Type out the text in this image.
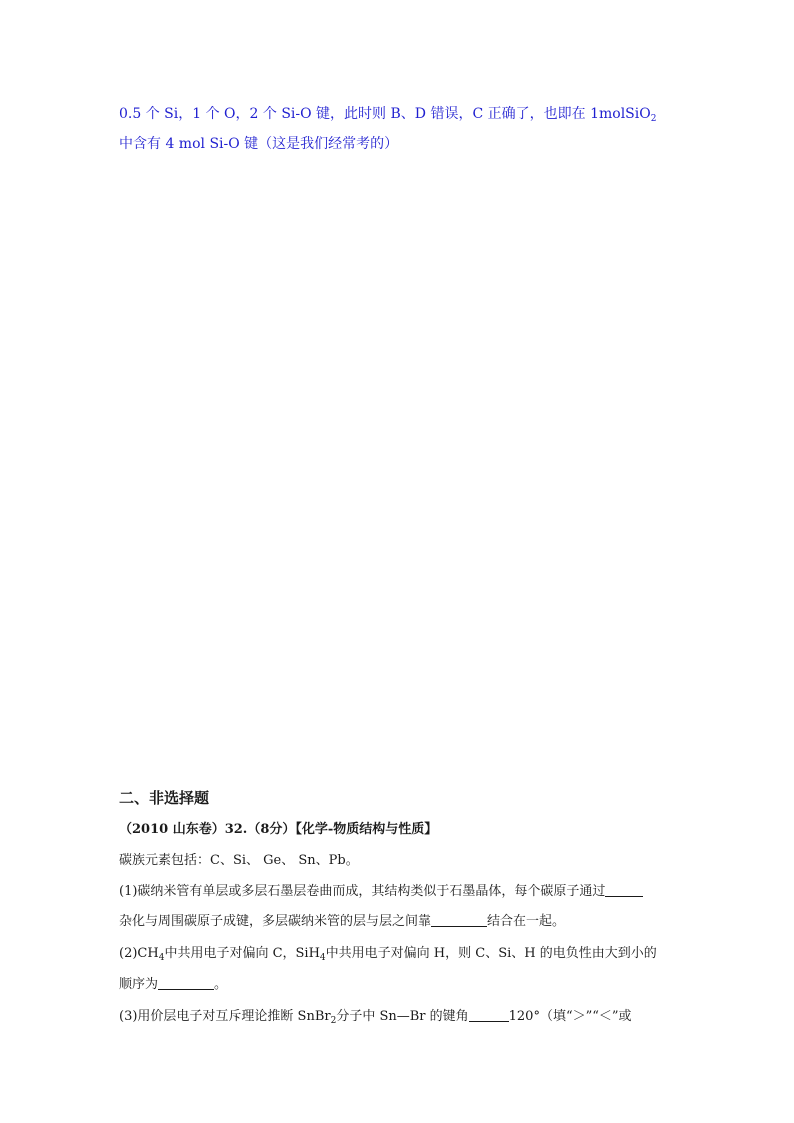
0.5 个 Si，1 个 O，2 个 Si-O 键，此时则 B、D 错误，C 正确了，也即在 1molSiO$_2$
中含有 4 mol Si-O 键（这是我们经常考的）
二、非选择题
（2010 山东卷）32.（8分）【化学-物质结构与性质】
碳族元素包括：C、Si、 Ge、 Sn、Pb。
(1)碳纳米管有单层或多层石墨层卷曲而成，其结构类似于石墨晶体，每个碳原子通过
杂化与周围碳原子成键，多层碳纳米管的层与层之间靠	结合在一起。
$(2)CH_4$中共用电子对偏向 C，SiH$_4$中共用电子对偏向 H，则 C、Si、H 的电负性由大到小的
顺序为	。
(3)用价层电子对互斥理论推断 SnBr$_2$分子中 Sn—Br 的键角	120°（填“＞”“＜”或
